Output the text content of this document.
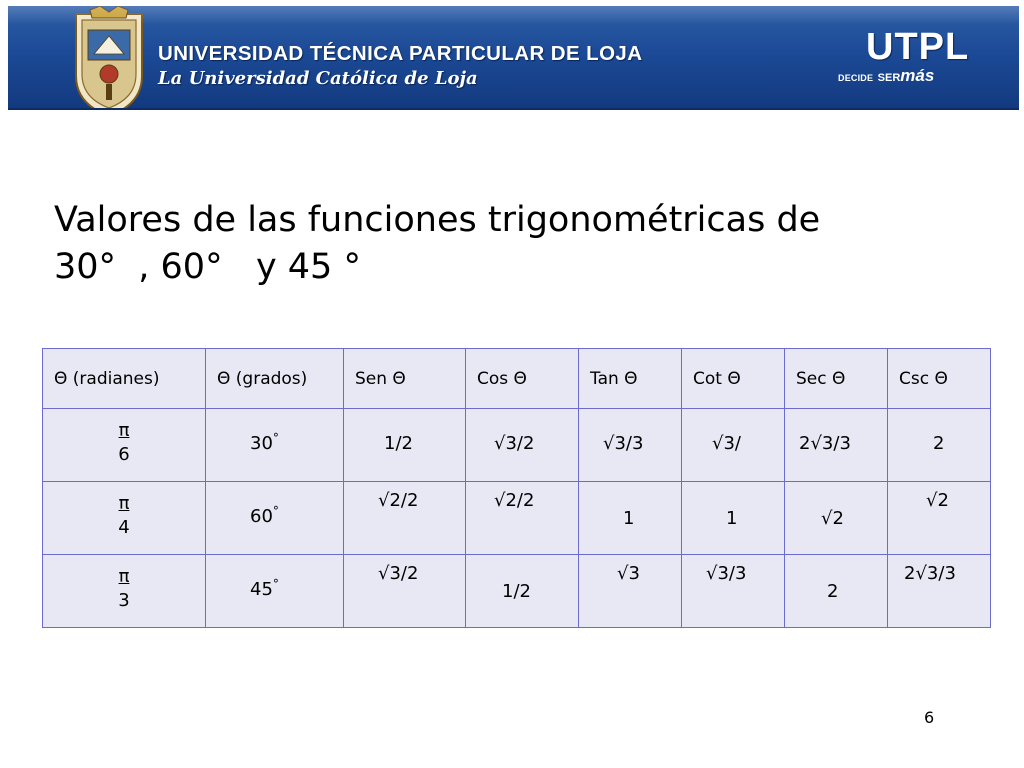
UNIVERSIDAD TÉCNICA PARTICULAR DE LOJA
La Universidad Católica de Loja
UTPL
DECIDE SERmás
Valores de las funciones trigonométricas de
30°  , 60°   y 45 °
Θ (radianes)	Θ (grados)	Sen Θ	Cos Θ	Tan Θ	Cot Θ	Sec Θ	Csc Θ

$\frac{\pi}{6}$	30°	1/2	√3/2	√3/3	√3/	2√3/3	2

$\frac{\pi}{4}$	60°	√2/2	√2/2	1	1	√2	√2

$\frac{\pi}{3}$	45°	√3/2	1/2	√3	√3/3	2	2√3/3
6
